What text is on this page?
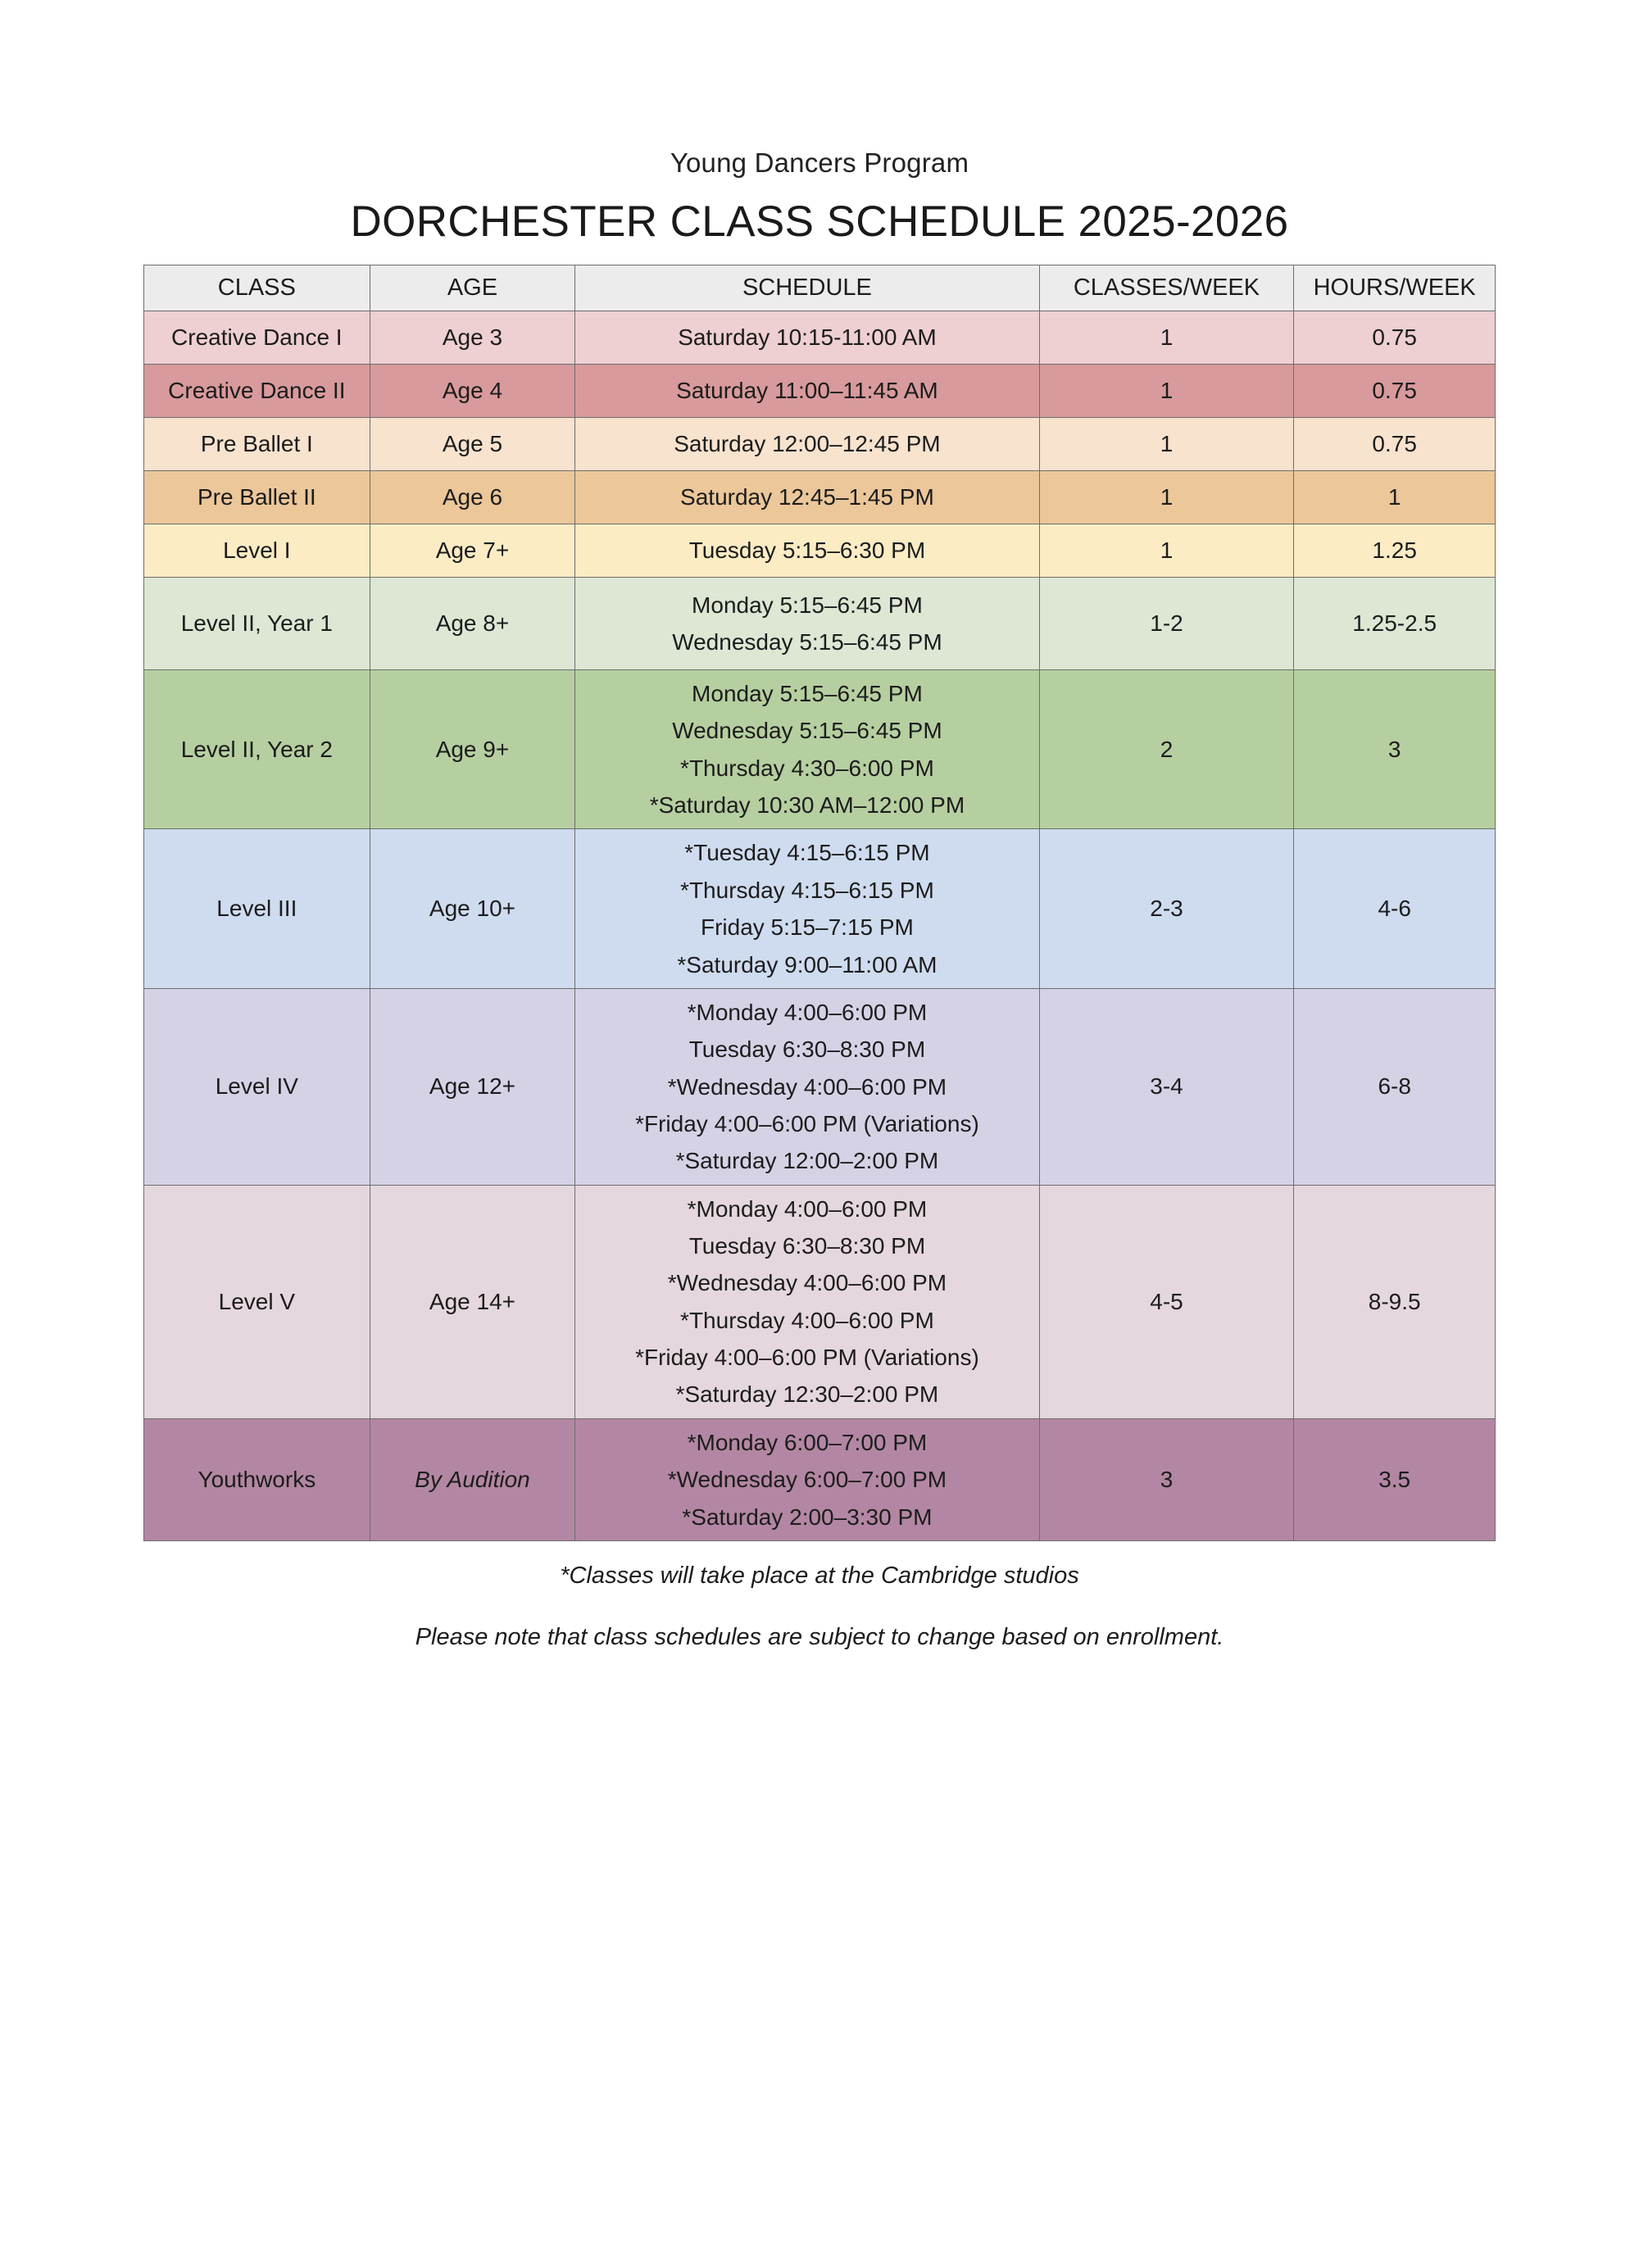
Young Dancers Program
DORCHESTER CLASS SCHEDULE 2025-2026
CLASS	AGE	SCHEDULE	CLASSES/WEEK	HOURS/WEEK
Creative Dance I	Age 3	Saturday 10:15-11:00 AM	1	0.75
Creative Dance II	Age 4	Saturday 11:00–11:45 AM	1	0.75
Pre Ballet I	Age 5	Saturday 12:00–12:45 PM	1	0.75
Pre Ballet II	Age 6	Saturday 12:45–1:45 PM	1	1
Level I	Age 7+	Tuesday 5:15–6:30 PM	1	1.25
Level II, Year 1	Age 8+	Monday 5:15–6:45 PM
Wednesday 5:15–6:45 PM	1-2	1.25-2.5
Level II, Year 2	Age 9+	Monday 5:15–6:45 PM
Wednesday 5:15–6:45 PM
*Thursday 4:30–6:00 PM
*Saturday 10:30 AM–12:00 PM	2	3
Level III	Age 10+	*Tuesday 4:15–6:15 PM
*Thursday 4:15–6:15 PM
Friday 5:15–7:15 PM
*Saturday 9:00–11:00 AM	2-3	4-6
Level IV	Age 12+	*Monday 4:00–6:00 PM
Tuesday 6:30–8:30 PM
*Wednesday 4:00–6:00 PM
*Friday 4:00–6:00 PM (Variations)
*Saturday 12:00–2:00 PM	3-4	6-8
Level V	Age 14+	
*Monday 4:00–6:00 PM
Tuesday 6:30–8:30 PM
*Wednesday 4:00–6:00 PM
*Thursday 4:00–6:00 PM
*Friday 4:00–6:00 PM (Variations)
*Saturday 12:30–2:00 PM
	4-5	8-9.5
Youthworks	By Audition	*Monday 6:00–7:00 PM
*Wednesday 6:00–7:00 PM
*Saturday 2:00–3:30 PM	3	3.5
*Classes will take place at the Cambridge studios
Please note that class schedules are subject to change based on enrollment.
